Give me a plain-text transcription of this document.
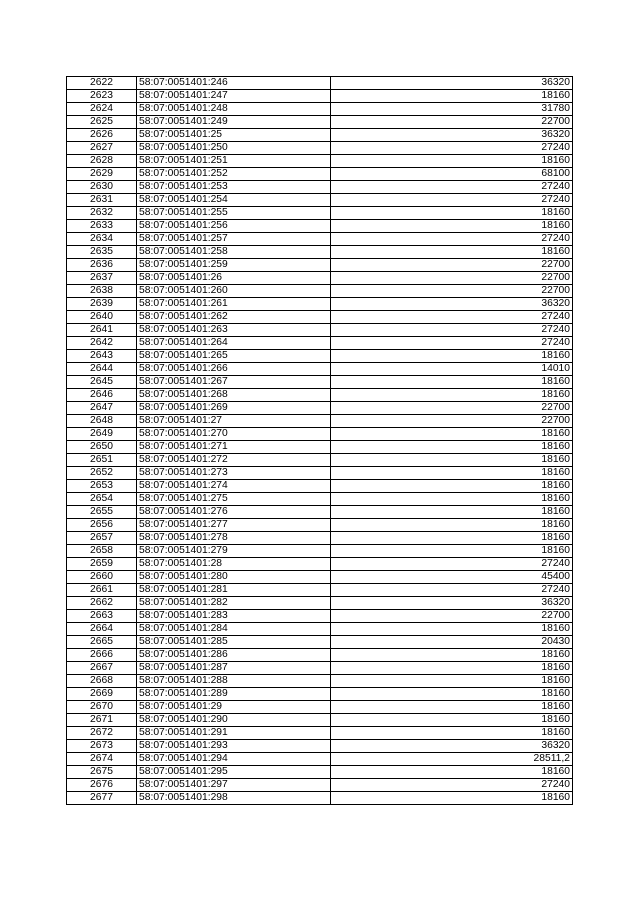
2622	58:07:0051401:246	36320
2623	58:07:0051401:247	18160
2624	58:07:0051401:248	31780
2625	58:07:0051401:249	22700
2626	58:07:0051401:25	36320
2627	58:07:0051401:250	27240
2628	58:07:0051401:251	18160
2629	58:07:0051401:252	68100
2630	58:07:0051401:253	27240
2631	58:07:0051401:254	27240
2632	58:07:0051401:255	18160
2633	58:07:0051401:256	18160
2634	58:07:0051401:257	27240
2635	58:07:0051401:258	18160
2636	58:07:0051401:259	22700
2637	58:07:0051401:26	22700
2638	58:07:0051401:260	22700
2639	58:07:0051401:261	36320
2640	58:07:0051401:262	27240
2641	58:07:0051401:263	27240
2642	58:07:0051401:264	27240
2643	58:07:0051401:265	18160
2644	58:07:0051401:266	14010
2645	58:07:0051401:267	18160
2646	58:07:0051401:268	18160
2647	58:07:0051401:269	22700
2648	58:07:0051401:27	22700
2649	58:07:0051401:270	18160
2650	58:07:0051401:271	18160
2651	58:07:0051401:272	18160
2652	58:07:0051401:273	18160
2653	58:07:0051401:274	18160
2654	58:07:0051401:275	18160
2655	58:07:0051401:276	18160
2656	58:07:0051401:277	18160
2657	58:07:0051401:278	18160
2658	58:07:0051401:279	18160
2659	58:07:0051401:28	27240
2660	58:07:0051401:280	45400
2661	58:07:0051401:281	27240
2662	58:07:0051401:282	36320
2663	58:07:0051401:283	22700
2664	58:07:0051401:284	18160
2665	58:07:0051401:285	20430
2666	58:07:0051401:286	18160
2667	58:07:0051401:287	18160
2668	58:07:0051401:288	18160
2669	58:07:0051401:289	18160
2670	58:07:0051401:29	18160
2671	58:07:0051401:290	18160
2672	58:07:0051401:291	18160
2673	58:07:0051401:293	36320
2674	58:07:0051401:294	28511,2
2675	58:07:0051401:295	18160
2676	58:07:0051401:297	27240
2677	58:07:0051401:298	18160
